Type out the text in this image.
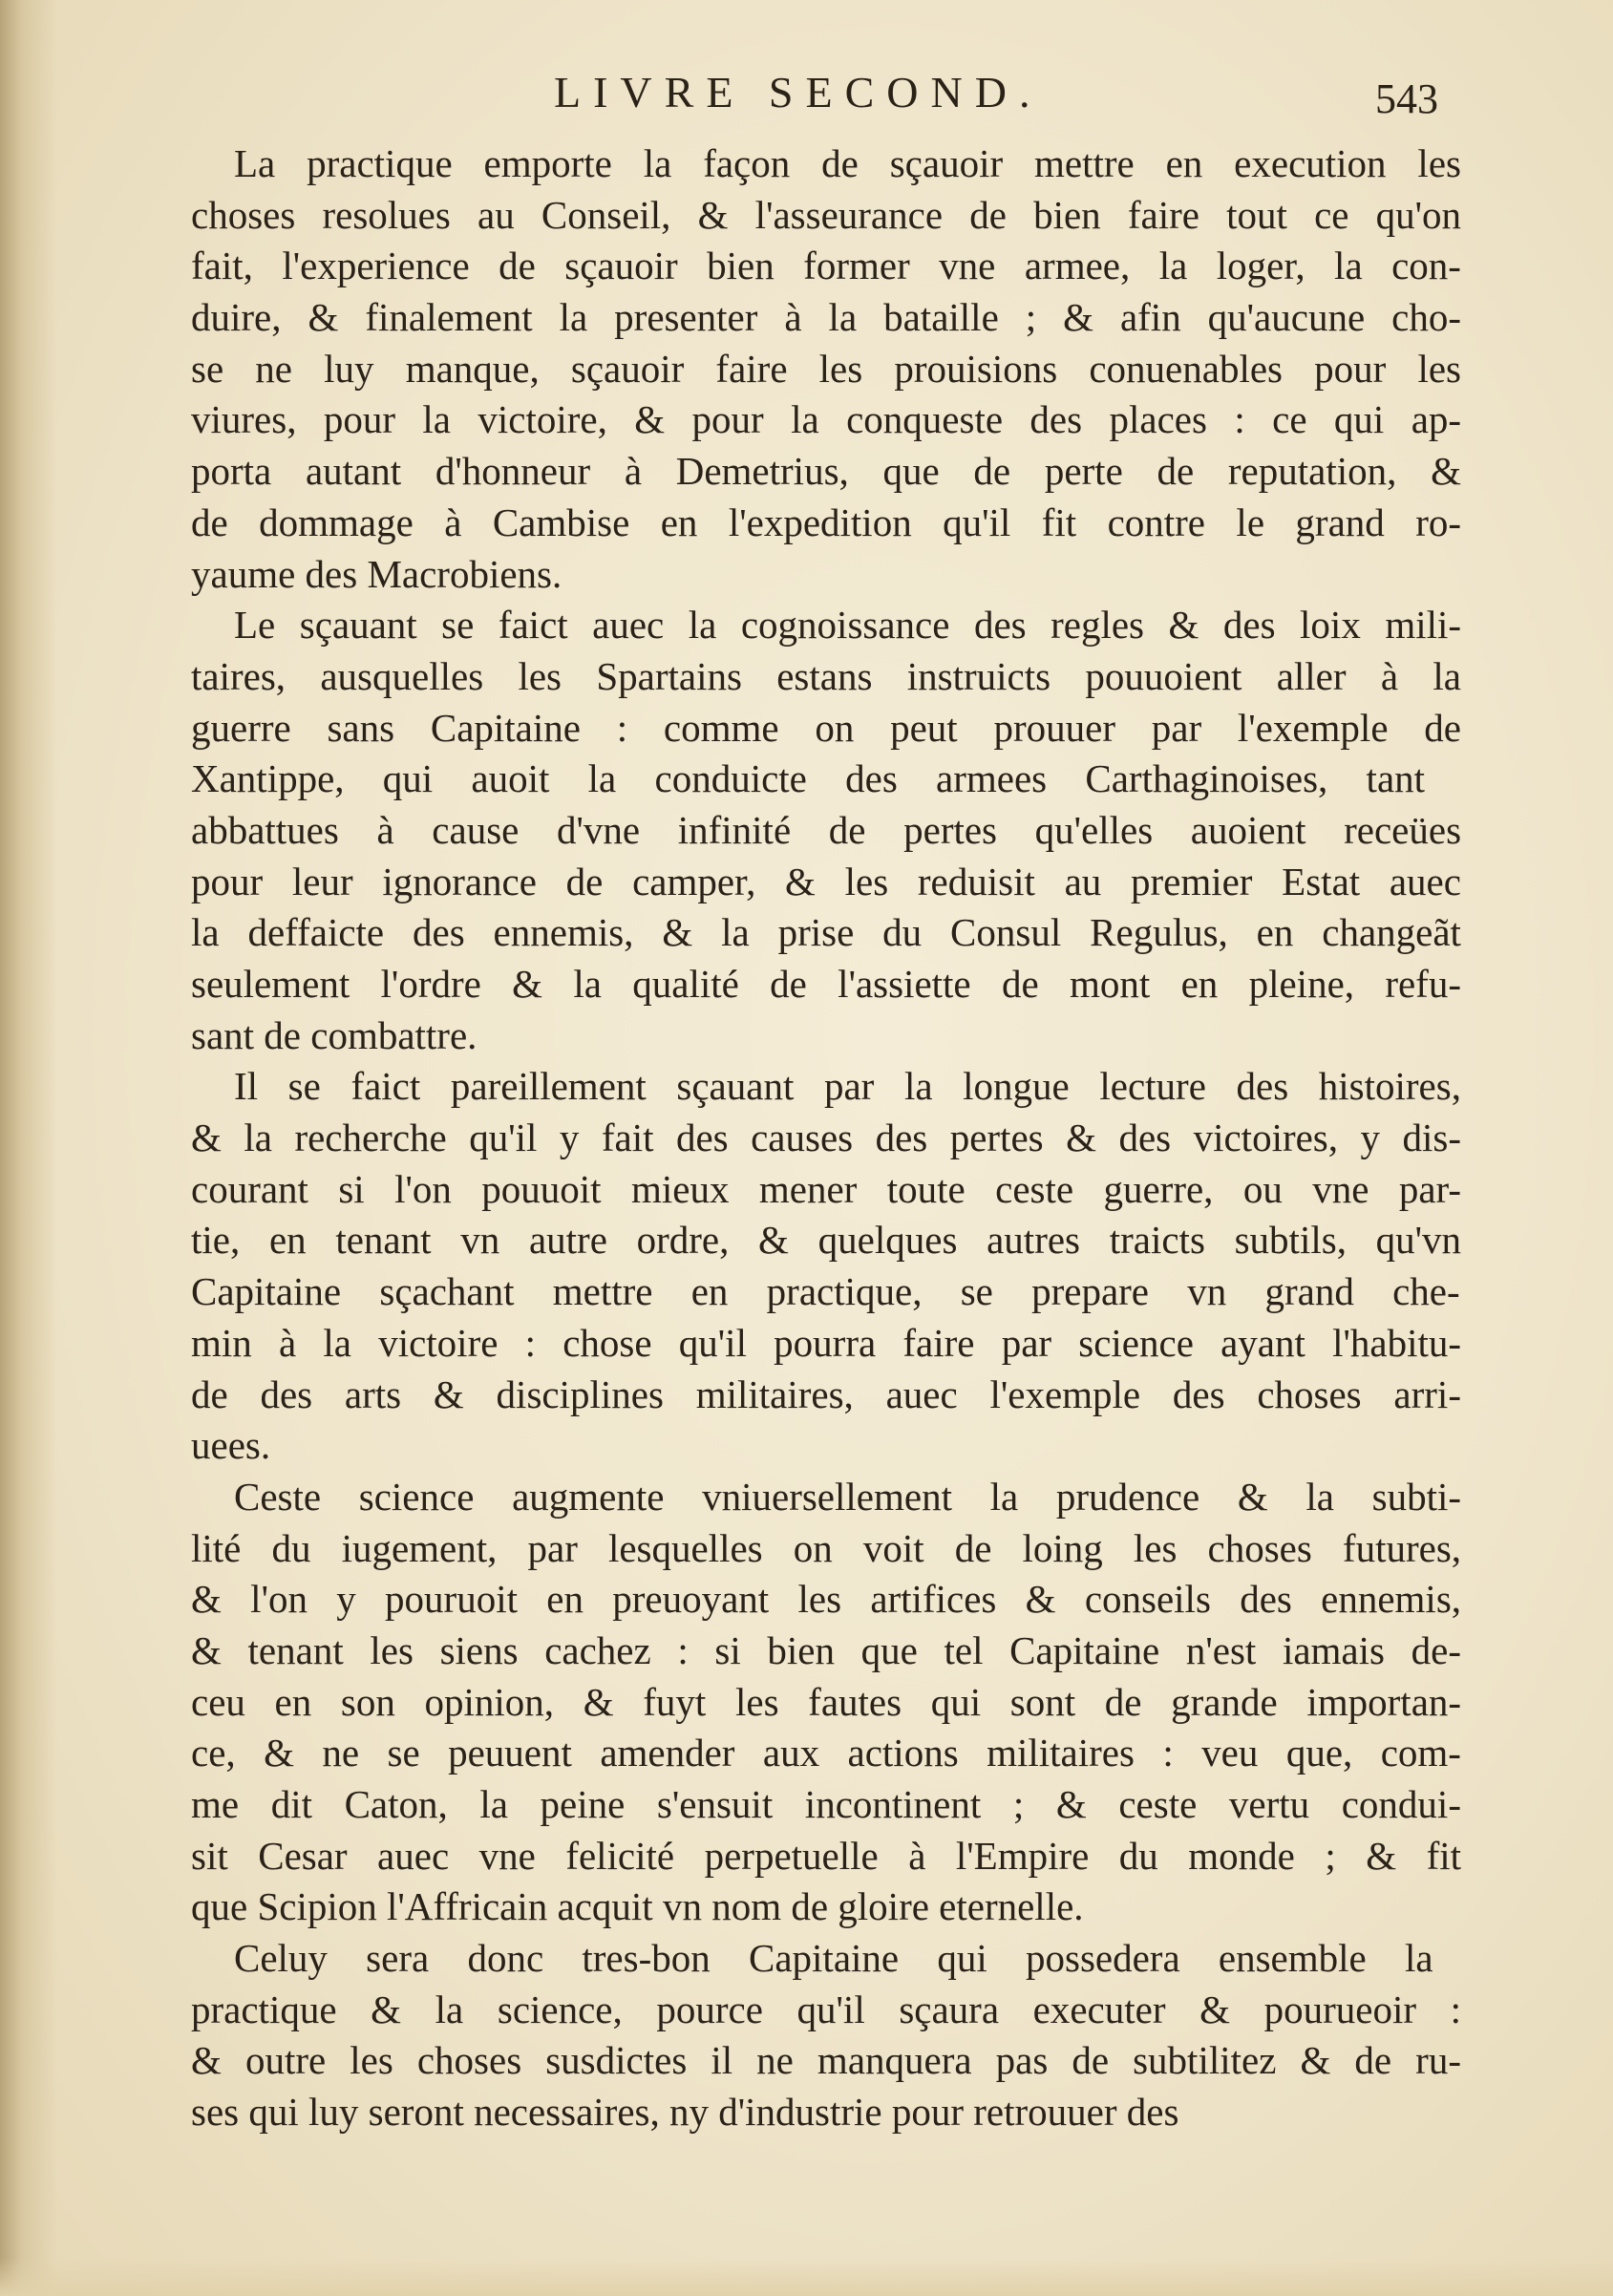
LIVRE SECOND.	543
La practique emporte la façon de sçauoir mettre en execution les
choses resolues au Conseil, & l'asseurance de bien faire tout ce qu'on
fait, l'experience de sçauoir bien former vne armee, la loger, la con-
duire, & finalement la presenter à la bataille ; & afin qu'aucune cho-
se ne luy manque, sçauoir faire les prouisions conuenables pour les
viures, pour la victoire, & pour la conqueste des places : ce qui ap-
porta autant d'honneur à Demetrius, que de perte de reputation, &
de dommage à Cambise en l'expedition qu'il fit contre le grand ro-
yaume des Macrobiens.
Le sçauant se faict auec la cognoissance des regles & des loix mili-
taires, ausquelles les Spartains estans instruicts pouuoient aller à la
guerre sans Capitaine : comme on peut prouuer par l'exemple de
Xantippe, qui auoit la conduicte des armees Carthaginoises, tant
abbattues à cause d'vne infinité de pertes qu'elles auoient receües
pour leur ignorance de camper, & les reduisit au premier Estat auec
la deffaicte des ennemis, & la prise du Consul Regulus, en changeãt
seulement l'ordre & la qualité de l'assiette de mont en pleine, refu-
sant de combattre.
Il se faict pareillement sçauant par la longue lecture des histoires,
& la recherche qu'il y fait des causes des pertes & des victoires, y dis-
courant si l'on pouuoit mieux mener toute ceste guerre, ou vne par-
tie, en tenant vn autre ordre, & quelques autres traicts subtils, qu'vn
Capitaine sçachant mettre en practique, se prepare vn grand che-
min à la victoire : chose qu'il pourra faire par science ayant l'habitu-
de des arts & disciplines militaires, auec l'exemple des choses arri-
uees.
Ceste science augmente vniuersellement la prudence & la subti-
lité du iugement, par lesquelles on voit de loing les choses futures,
& l'on y pouruoit en preuoyant les artifices & conseils des ennemis,
& tenant les siens cachez : si bien que tel Capitaine n'est iamais de-
ceu en son opinion, & fuyt les fautes qui sont de grande importan-
ce, & ne se peuuent amender aux actions militaires : veu que, com-
me dit Caton, la peine s'ensuit incontinent ; & ceste vertu condui-
sit Cesar auec vne felicité perpetuelle à l'Empire du monde ; & fit
que Scipion l'Affricain acquit vn nom de gloire eternelle.
Celuy sera donc tres-bon Capitaine qui possedera ensemble la
practique & la science, pource qu'il sçaura executer & pourueoir :
& outre les choses susdictes il ne manquera pas de subtilitez & de ru-
ses qui luy seront necessaires, ny d'industrie pour retrouuer des
